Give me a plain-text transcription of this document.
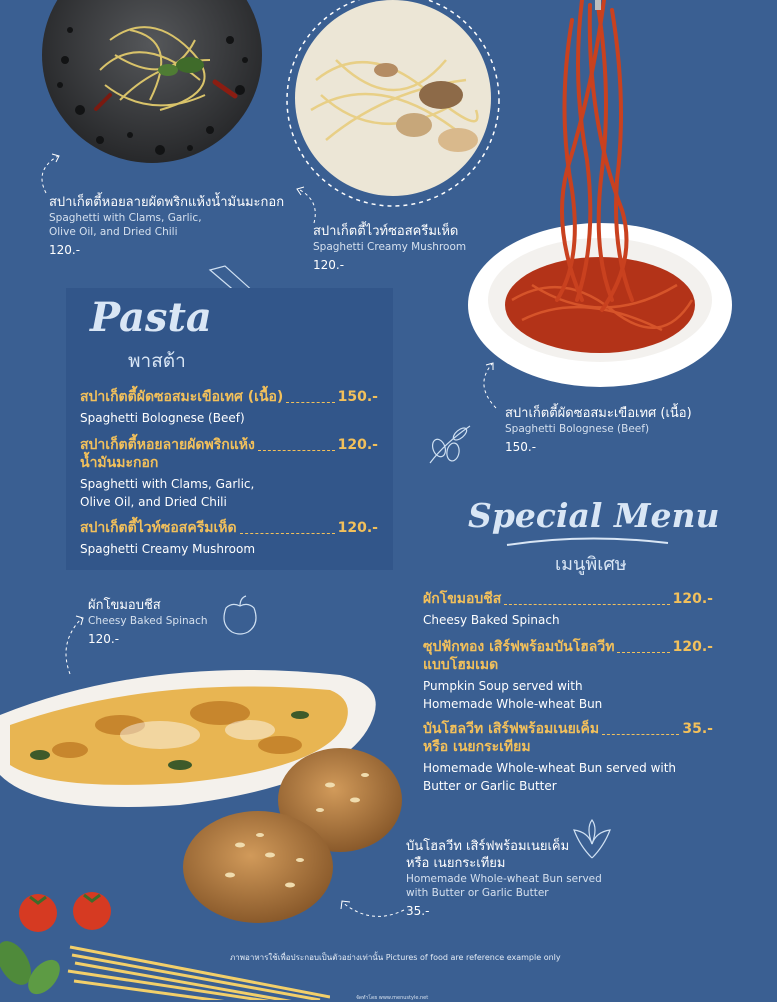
สปาเก็ตตี้หอยลายผัดพริกแห้งน้ำมันมะกอก
Spaghetti with Clams, Garlic,
Olive Oil, and Dried Chili
120.-
สปาเก็ตตี้ไวท์ซอสครีมเห็ด
Spaghetti Creamy Mushroom
120.-
สปาเก็ตตี้ผัดซอสมะเขือเทศ (เนื้อ)
Spaghetti Bolognese (Beef)
150.-
Pasta
พาสต้า
สปาเก็ตตี้ผัดซอสมะเขือเทศ (เนื้อ)	150.-
Spaghetti Bolognese (Beef)
สปาเก็ตตี้หอยลายผัดพริกแห้ง	120.-
น้ำมันมะกอก
Spaghetti with Clams, Garlic,
Olive Oil, and Dried Chili
สปาเก็ตตี้ไวท์ซอสครีมเห็ด	120.-
Spaghetti Creamy Mushroom
Special Menu
เมนูพิเศษ
ผักโขมอบชีส	120.-
Cheesy Baked Spinach
ซุปฟักทอง เสิร์ฟพร้อมบันโฮลวีท	120.-
แบบโฮมเมด
Pumpkin Soup served with
Homemade Whole-wheat Bun
บันโฮลวีท เสิร์ฟพร้อมเนยเค็ม	35.-
หรือ เนยกระเทียม
Homemade Whole-wheat Bun served with
Butter or Garlic Butter
ผักโขมอบชีส
Cheesy Baked Spinach
120.-
บันโฮลวีท เสิร์ฟพร้อมเนยเค็ม
หรือ เนยกระเทียม
Homemade Whole-wheat Bun served
with Butter or Garlic Butter
35.-
ภาพอาหารใช้เพื่อประกอบเป็นตัวอย่างเท่านั้น Pictures of food are reference example only
จัดทำโดย www.menustyle.net
